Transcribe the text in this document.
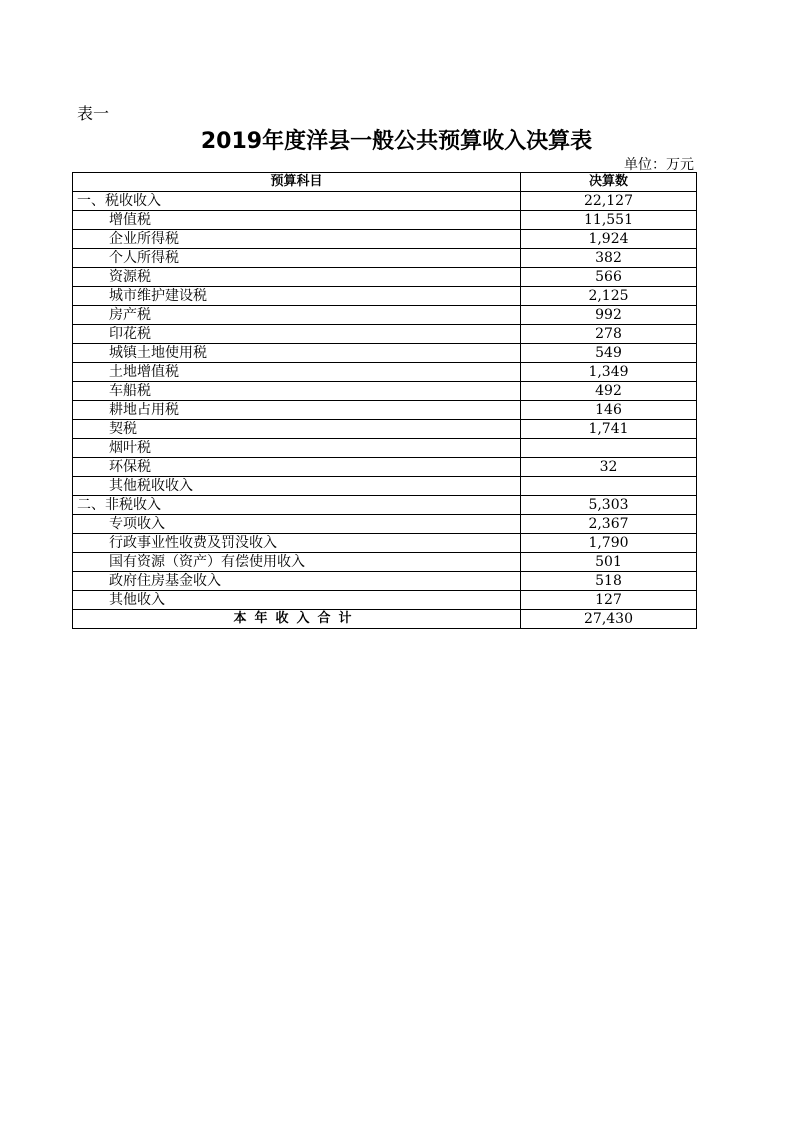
表一
2019年度洋县一般公共预算收入决算表
单位：万元
预算科目	决算数
一、税收收入	22,127
增值税	11,551
企业所得税	1,924
个人所得税	382
资源税	566
城市维护建设税	2,125
房产税	992
印花税	278
城镇土地使用税	549
土地增值税	1,349
车船税	492
耕地占用税	146
契税	1,741
烟叶税	
环保税	32
其他税收收入	
二、非税收入	5,303
专项收入	2,367
行政事业性收费及罚没收入	1,790
国有资源（资产）有偿使用收入	501
政府住房基金收入	518
其他收入	127
本年收入合计	27,430
